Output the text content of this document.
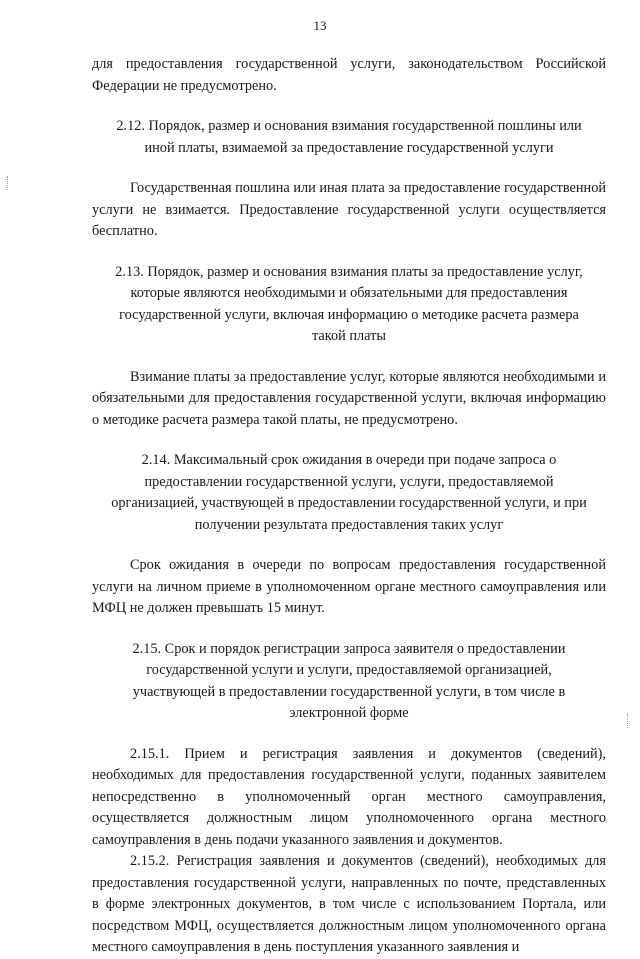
13

для предоставления государственной услуги, законодательством Российской Федерации не предусмотрено.

2.12. Порядок, размер и основания взимания государственной пошлины или иной платы, взимаемой за предоставление государственной услуги

Государственная пошлина или иная плата за предоставление государственной услуги не взимается. Предоставление государственной услуги осуществляется бесплатно.

2.13. Порядок, размер и основания взимания платы за предоставление услуг, которые являются необходимыми и обязательными для предоставления государственной услуги, включая информацию о методике расчета размера такой платы

Взимание платы за предоставление услуг, которые являются необходимыми и обязательными для предоставления государственной услуги, включая информацию о методике расчета размера такой платы, не предусмотрено.

2.14. Максимальный срок ожидания в очереди при подаче запроса о предоставлении государственной услуги, услуги, предоставляемой организацией, участвующей в предоставлении государственной услуги, и при получении результата предоставления таких услуг

Срок ожидания в очереди по вопросам предоставления государственной услуги на личном приеме в уполномоченном органе местного самоуправления или МФЦ не должен превышать 15 минут.

2.15. Срок и порядок регистрации запроса заявителя о предоставлении государственной услуги и услуги, предоставляемой организацией, участвующей в предоставлении государственной услуги, в том числе в электронной форме

2.15.1. Прием и регистрация заявления и документов (сведений), необходимых для предоставления государственной услуги, поданных заявителем непосредственно в уполномоченный орган местного самоуправления, осуществляется должностным лицом уполномоченного органа местного самоуправления в день подачи указанного заявления и документов.

2.15.2. Регистрация заявления и документов (сведений), необходимых для предоставления государственной услуги, направленных по почте, представленных в форме электронных документов, в том числе с использованием Портала, или посредством МФЦ, осуществляется должностным лицом уполномоченного органа местного самоуправления в день поступления указанного заявления и
